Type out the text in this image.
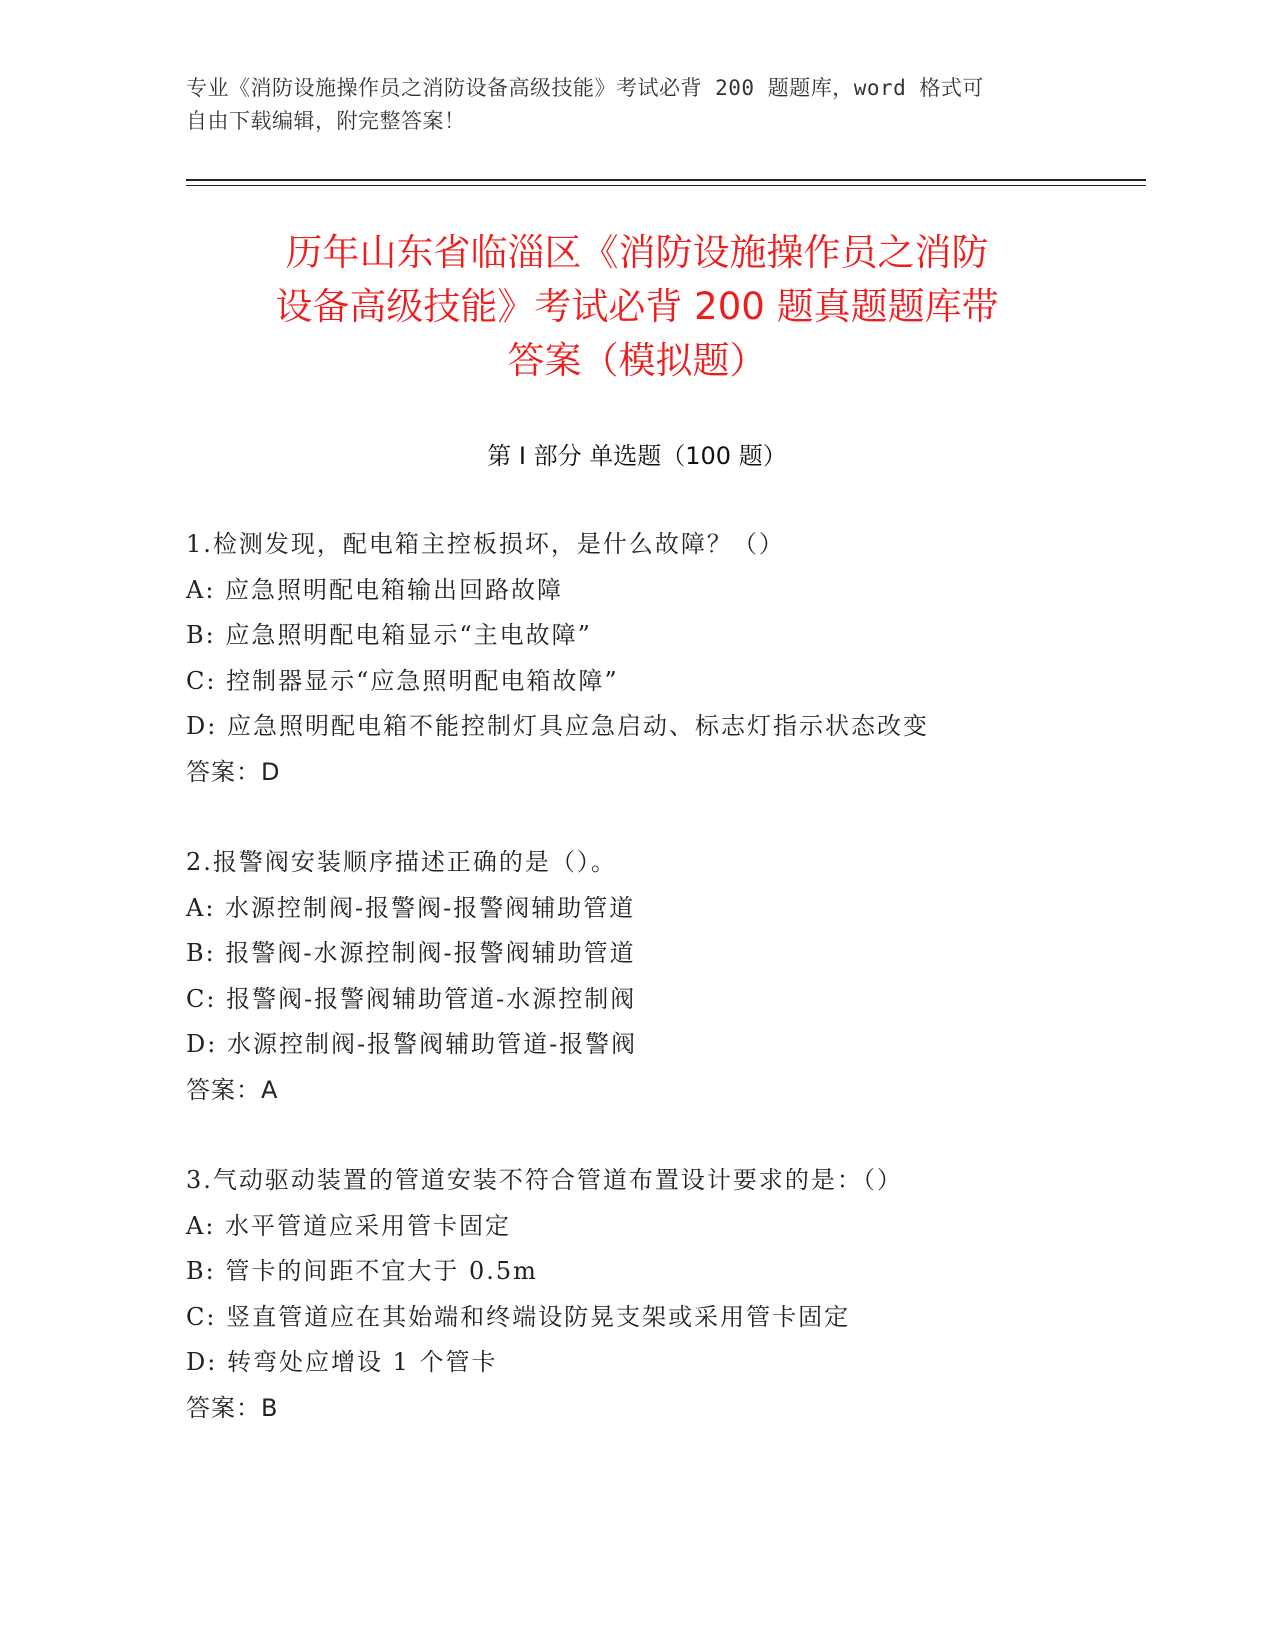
专业《消防设施操作员之消防设备高级技能》考试必背 200 题题库，word 格式可
自由下载编辑，附完整答案！
历年山东省临淄区《消防设施操作员之消防
设备高级技能》考试必背 200 题真题题库带
答案（模拟题）
第 I 部分 单选题（100 题）
1.检测发现，配电箱主控板损坏，是什么故障？（）
A: 应急照明配电箱输出回路故障
B: 应急照明配电箱显示“主电故障”
C: 控制器显示“应急照明配电箱故障”
D: 应急照明配电箱不能控制灯具应急启动、标志灯指示状态改变
答案：D
2.报警阀安装顺序描述正确的是（）。
A: 水源控制阀-报警阀-报警阀辅助管道
B: 报警阀-水源控制阀-报警阀辅助管道
C: 报警阀-报警阀辅助管道-水源控制阀
D: 水源控制阀-报警阀辅助管道-报警阀
答案：A
3.气动驱动装置的管道安装不符合管道布置设计要求的是：（）
A: 水平管道应采用管卡固定
B: 管卡的间距不宜大于 0.5m
C: 竖直管道应在其始端和终端设防晃支架或采用管卡固定
D: 转弯处应增设 1 个管卡
答案：B
